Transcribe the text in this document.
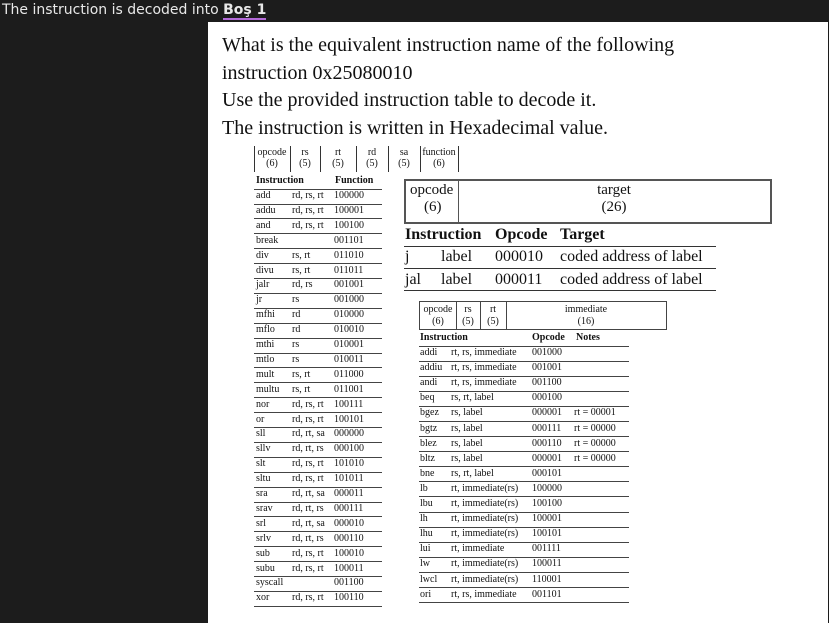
The instruction is decoded into Boş 1
What is the equivalent instruction name of the following
instruction 0x25080010
Use the provided instruction table to decode it.
The instruction is written in Hexadecimal value.
opcode
(6)
rs
(5)
rt
(5)
rd
(5)
sa
(5)
function
(6)
Instruction	Function
add rd, rs, rt 100000
addu rd, rs, rt 100001
and rd, rs, rt 100100
break	001101
div rs, rt 011010
divu rs, rt 011011
jalr rd, rs 001001
jr	rs	001000
mfhi rd	010000
mflo rd	010010
mthi rs	010001
mtlo rs	010011
mult rs, rt 011000
multu rs, rt 011001
nor rd, rs, rt 100111
or	rd, rs, rt 100101
sll	rd, rt, sa 000000
sllv rd, rt, rs 000100
slt	rd, rs, rt 101010
sltu rd, rs, rt 101011
sra rd, rt, sa 000011
srav rd, rt, rs 000111
srl	rd, rt, sa 000010
srlv rd, rt, rs 000110
sub rd, rs, rt 100010
subu rd, rs, rt 100011
syscall	001100
xor rd, rs, rt 100110
opcode
(6)
target
(26)
Instruction Opcode Target
j label 000010 coded address of label
jal label 000011 coded address of label
opcode
(6)
rs
(5)
rt
(5)
immediate
(16)
Instruction	Opcode Notes
addi rt, rs, immediate 001000
addiu rt, rs, immediate 001001
andi rt, rs, immediate 001100
beq rs, rt, label	000100
bgez rs, label	000001 rt = 00001
bgtz rs, label	000111 rt = 00000
blez rs, label	000110 rt = 00000
bltz rs, label	000001 rt = 00000
bne rs, rt, label	000101
lb rt, immediate(rs) 100000
lbu rt, immediate(rs) 100100
lh rt, immediate(rs) 100001
lhu rt, immediate(rs) 100101
lui rt, immediate	001111
lw rt, immediate(rs) 100011
lwcl rt, immediate(rs) 110001
ori rt, rs, immediate 001101
